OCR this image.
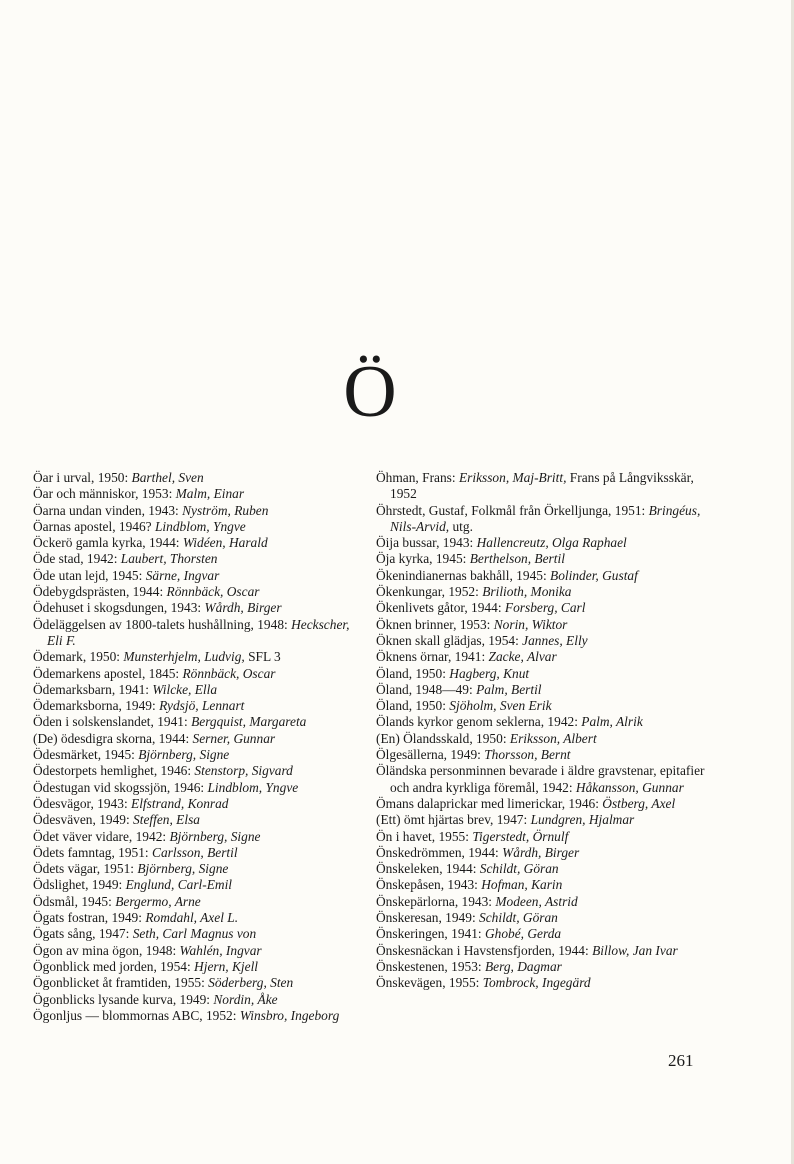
Ö
Öar i urval, 1950: Barthel, Sven
Öar och människor, 1953: Malm, Einar
Öarna undan vinden, 1943: Nyström, Ruben
Öarnas apostel, 1946? Lindblom, Yngve
Öckerö gamla kyrka, 1944: Widéen, Harald
Öde stad, 1942: Laubert, Thorsten
Öde utan lejd, 1945: Särne, Ingvar
Ödebygdsprästen, 1944: Rönnbäck, Oscar
Ödehuset i skogsdungen, 1943: Wårdh, Birger
Ödeläggelsen av 1800-talets hushållning, 1948: Heckscher, Eli F.
Ödemark, 1950: Munsterhjelm, Ludvig, SFL 3
Ödemarkens apostel, 1845: Rönnbäck, Oscar
Ödemarksbarn, 1941: Wilcke, Ella
Ödemarksborna, 1949: Rydsjö, Lennart
Öden i solskenslandet, 1941: Bergquist, Margareta
(De) ödesdigra skorna, 1944: Serner, Gunnar
Ödesmärket, 1945: Björnberg, Signe
Ödestorpets hemlighet, 1946: Stenstorp, Sigvard
Ödestugan vid skogssjön, 1946: Lindblom, Yngve
Ödesvägor, 1943: Elfstrand, Konrad
Ödesväven, 1949: Steffen, Elsa
Ödet väver vidare, 1942: Björnberg, Signe
Ödets famntag, 1951: Carlsson, Bertil
Ödets vägar, 1951: Björnberg, Signe
Ödslighet, 1949: Englund, Carl-Emil
Ödsmål, 1945: Bergermo, Arne
Ögats fostran, 1949: Romdahl, Axel L.
Ögats sång, 1947: Seth, Carl Magnus von
Ögon av mina ögon, 1948: Wahlén, Ingvar
Ögonblick med jorden, 1954: Hjern, Kjell
Ögonblicket åt framtiden, 1955: Söderberg, Sten
Ögonblicks lysande kurva, 1949: Nordin, Åke
Ögonljus — blommornas ABC, 1952: Winsbro, Ingeborg
Öhman, Frans: Eriksson, Maj-Britt, Frans på Långviksskär, 1952
Öhrstedt, Gustaf, Folkmål från Örkelljunga, 1951: Bringéus, Nils-Arvid, utg.
Öija bussar, 1943: Hallencreutz, Olga Raphael
Öja kyrka, 1945: Berthelson, Bertil
Ökenindianernas bakhåll, 1945: Bolinder, Gustaf
Ökenkungar, 1952: Brilioth, Monika
Ökenlivets gåtor, 1944: Forsberg, Carl
Öknen brinner, 1953: Norin, Wiktor
Öknen skall glädjas, 1954: Jannes, Elly
Öknens örnar, 1941: Zacke, Alvar
Öland, 1950: Hagberg, Knut
Öland, 1948—49: Palm, Bertil
Öland, 1950: Sjöholm, Sven Erik
Ölands kyrkor genom seklerna, 1942: Palm, Alrik
(En) Ölandsskald, 1950: Eriksson, Albert
Ölgesällerna, 1949: Thorsson, Bernt
Öländska personminnen bevarade i äldre gravstenar, epitafier och andra kyrkliga föremål, 1942: Håkansson, Gunnar
Ömans dalaprickar med limerickar, 1946: Östberg, Axel
(Ett) ömt hjärtas brev, 1947: Lundgren, Hjalmar
Ön i havet, 1955: Tigerstedt, Örnulf
Önskedrömmen, 1944: Wårdh, Birger
Önskeleken, 1944: Schildt, Göran
Önskepåsen, 1943: Hofman, Karin
Önskepärlorna, 1943: Modeen, Astrid
Önskeresan, 1949: Schildt, Göran
Önskeringen, 1941: Ghobé, Gerda
Önskesnäckan i Havstensfjorden, 1944: Billow, Jan Ivar
Önskestenen, 1953: Berg, Dagmar
Önskevägen, 1955: Tombrock, Ingegärd
261
